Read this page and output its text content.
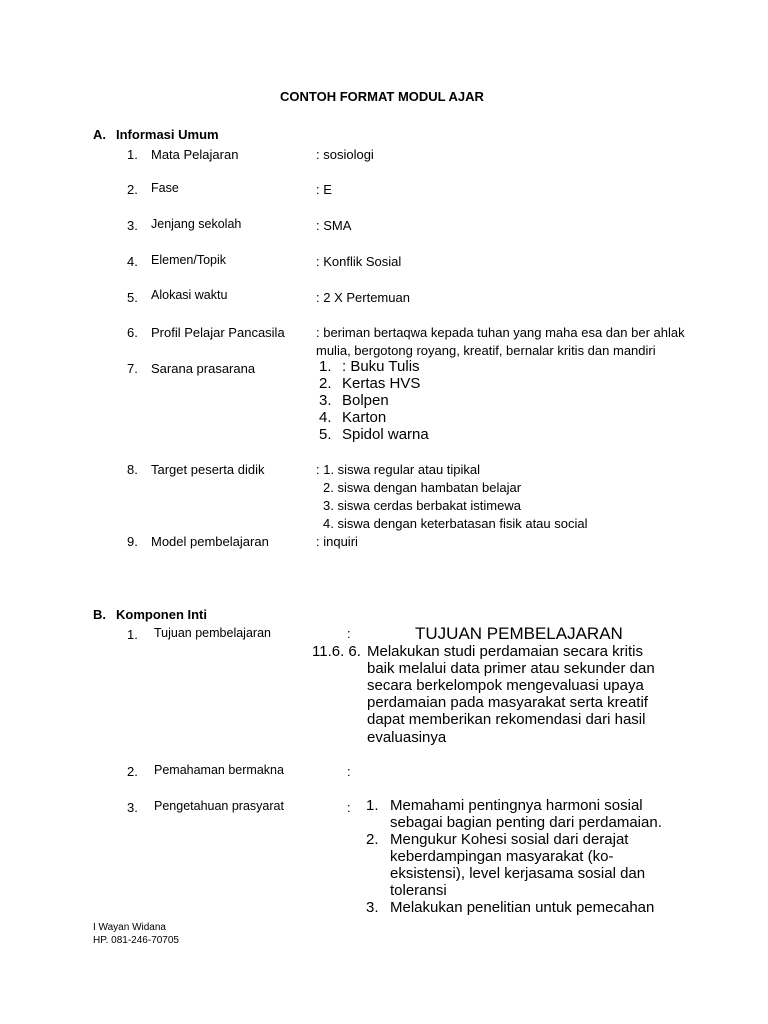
CONTOH FORMAT MODUL AJAR
A. Informasi Umum
1. Mata Pelajaran	: sosiologi
2. Fase	: E
3. Jenjang sekolah	: SMA
4. Elemen/Topik	: Konflik Sosial
5. Alokasi waktu	: 2 X Pertemuan
6. Profil Pelajar Pancasila : beriman bertaqwa kepada tuhan yang maha esa dan ber ahlak
mulia, bergotong royang, kreatif, bernalar kritis dan mandiri
7. Sarana prasarana	1. : Buku Tulis
2. Kertas HVS
3. Bolpen
4. Karton
5. Spidol warna
8. Target peserta didik	: 1. siswa regular atau tipikal
2. siswa dengan hambatan belajar
3. siswa cerdas berbakat istimewa
4. siswa dengan keterbatasan fisik atau social
9. Model pembelajaran	: inquiri
B. Komponen Inti
1. Tujuan pembelajaran	:	TUJUAN PEMBELAJARAN
11.6. 6. Melakukan studi perdamaian secara kritis
baik melalui data primer atau sekunder dan
secara berkelompok mengevaluasi upaya
perdamaian pada masyarakat serta kreatif
dapat memberikan rekomendasi dari hasil
evaluasinya
2. Pemahaman bermakna	:
3. Pengetahuan prasyarat	: 1. Memahami pentingnya harmoni sosial
sebagai bagian penting dari perdamaian.
2. Mengukur Kohesi sosial dari derajat
keberdampingan masyarakat (ko-
eksistensi), level kerjasama sosial dan
toleransi
3. Melakukan penelitian untuk pemecahan
I Wayan Widana
HP. 081-246-70705
